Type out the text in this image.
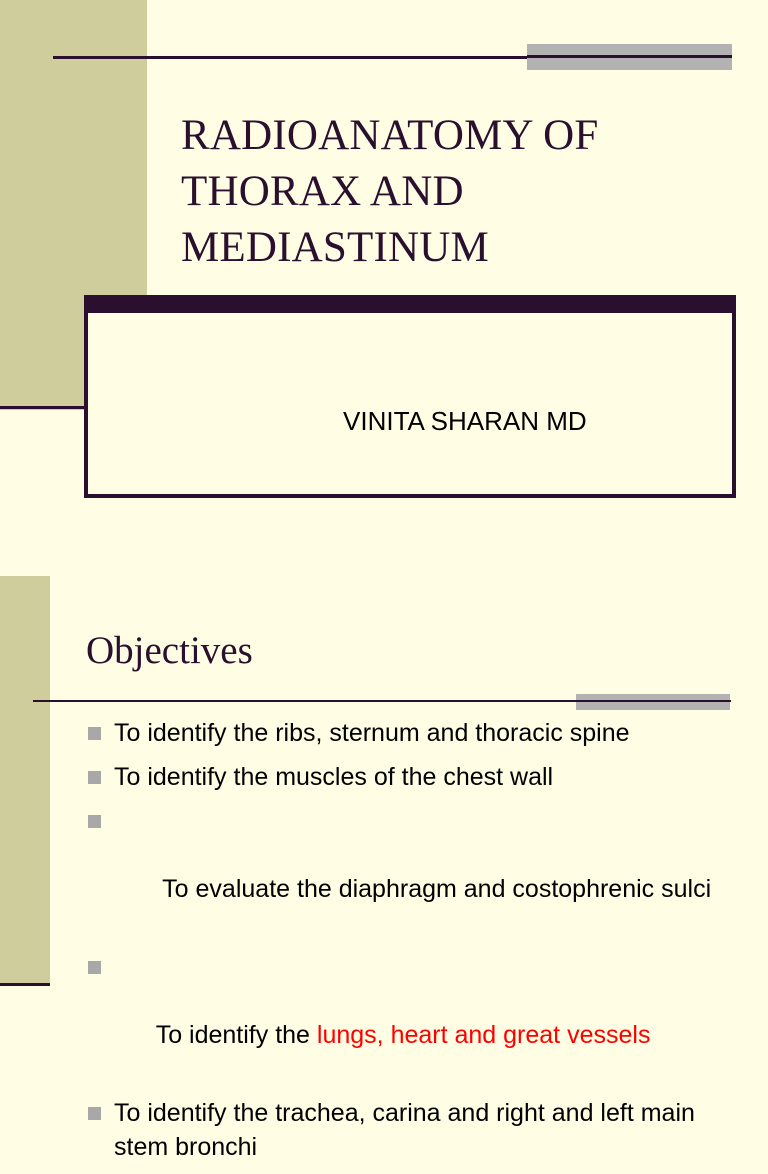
RADIOANATOMY OF
THORAX AND
MEDIASTINUM
VINITA SHARAN MD
Objectives
To identify the ribs, sternum and thoracic spine
To identify the muscles of the chest wall

To evaluate the diaphragm and costophrenic sulci

To identify the lungs, heart and great vessels

To identify the trachea, carina and right and left main stem bronchi
